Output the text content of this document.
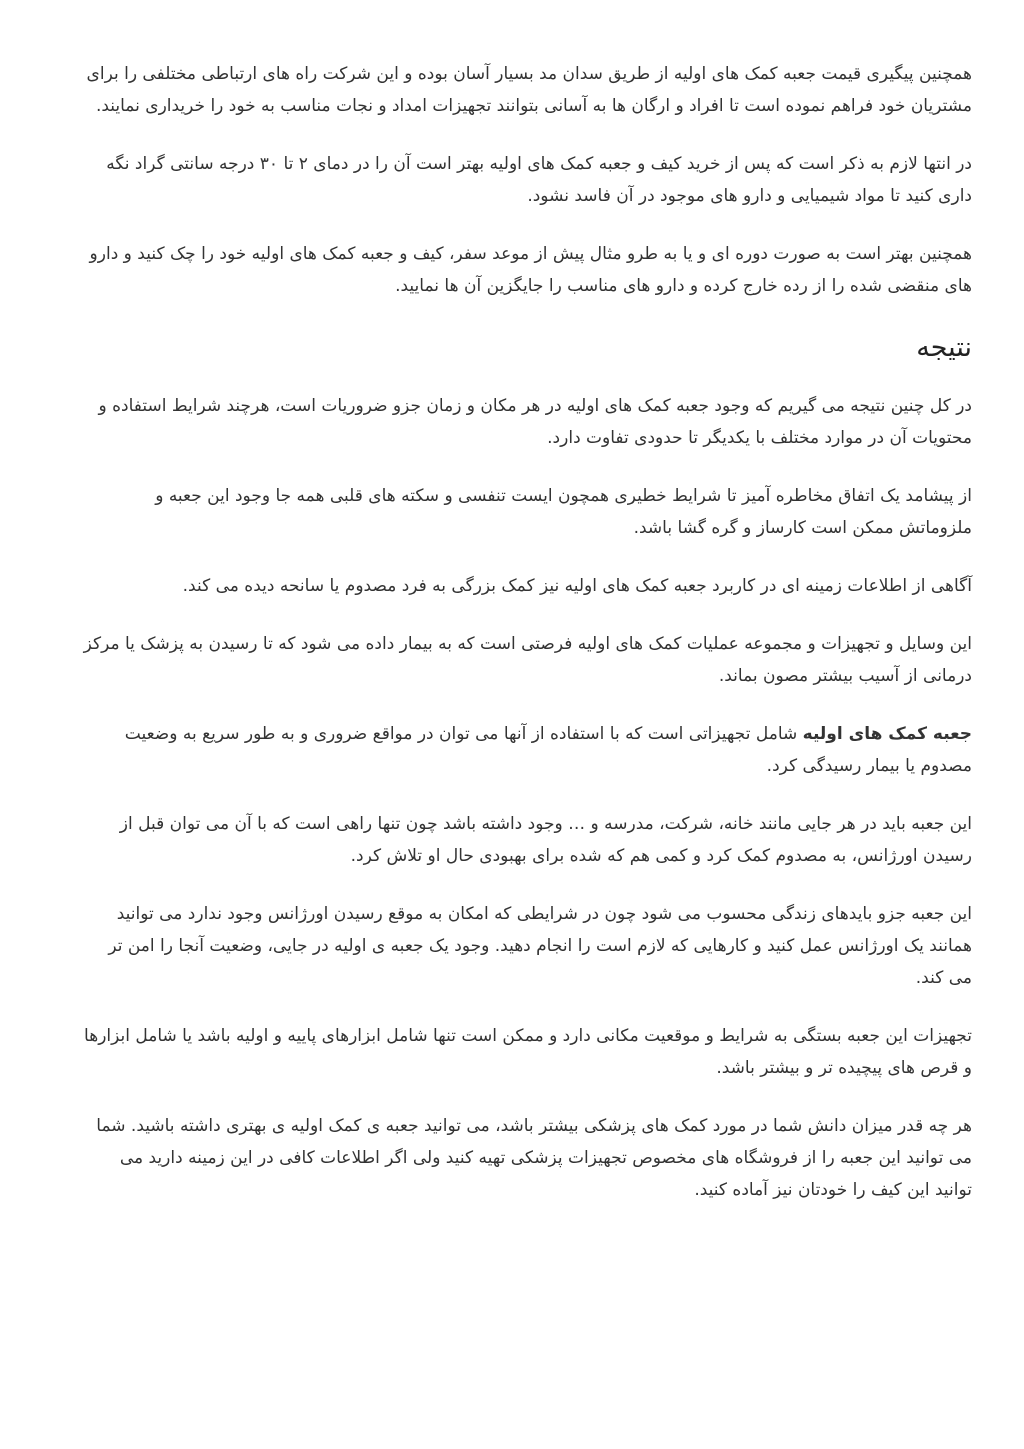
همچنین پیگیری قیمت جعبه کمک های اولیه از طریق سدان مد بسیار آسان بوده و این شرکت راه های ارتباطی مختلفی را برای مشتریان خود فراهم نموده است تا افراد و ارگان ها به آسانی بتوانند تجهیزات امداد و نجات مناسب به خود را خریداری نمایند.

در انتها لازم به ذکر است که پس از خرید کیف و جعبه کمک های اولیه بهتر است آن را در دمای ۲ تا ۳۰ درجه سانتی گراد نگه داری کنید تا مواد شیمیایی و دارو های موجود در آن فاسد نشود.

همچنین بهتر است به صورت دوره ای و یا به طرو مثال پیش از موعد سفر، کیف و جعبه کمک های اولیه خود را چک کنید و دارو های منقضی شده را از رده خارج کرده و دارو های مناسب را جایگزین آن ها نمایید.

نتیجه

در کل چنین نتیجه می گیریم که وجود جعبه کمک های اولیه در هر مکان و زمان جزو ضروریات است، هرچند شرایط استفاده و محتویات آن در موارد مختلف با یکدیگر تا حدودی تفاوت دارد.

از پیشامد یک اتفاق مخاطره آمیز تا شرایط خطیری همچون ایست تنفسی و سکته های قلبی همه جا وجود این جعبه و ملزوماتش ممکن است کارساز و گره گشا باشد.

آگاهی از اطلاعات زمینه ای در کاربرد جعبه کمک های اولیه نیز کمک بزرگی به فرد مصدوم یا سانحه دیده می کند.

این وسایل و تجهیزات و مجموعه عملیات کمک های اولیه فرصتی است که به بیمار داده می شود که تا رسیدن به پزشک یا مرکز درمانی از آسیب بیشتر مصون بماند.

جعبه کمک های اولیه شامل تجهیزاتی است که با استفاده از آنها می توان در مواقع ضروری و به طور سریع به وضعیت مصدوم یا بیمار رسیدگی کرد.

این جعبه باید در هر جایی مانند خانه، شرکت، مدرسه و … وجود داشته باشد چون تنها راهی است که با آن می توان قبل از رسیدن اورژانس، به مصدوم کمک کرد و کمی هم که شده برای بهبودی حال او تلاش کرد.

این جعبه جزو بایدهای زندگی محسوب می شود چون در شرایطی که امکان به موقع رسیدن اورژانس وجود ندارد می توانید همانند یک اورژانس عمل کنید و کارهایی که لازم است را انجام دهید. وجود یک جعبه ی اولیه در جایی، وضعیت آنجا را امن تر می کند.

تجهیزات این جعبه بستگی به شرایط و موقعیت مکانی دارد و ممکن است تنها شامل ابزارهای پاییه و اولیه باشد یا شامل ابزارها و قرص های پیچیده تر و بیشتر باشد.

هر چه قدر میزان دانش شما در مورد کمک های پزشکی بیشتر باشد، می توانید جعبه ی کمک اولیه ی بهتری داشته باشید. شما می توانید این جعبه را از فروشگاه های مخصوص تجهیزات پزشکی تهیه کنید ولی اگر اطلاعات کافی در این زمینه دارید می توانید این کیف را خودتان نیز آماده کنید.
